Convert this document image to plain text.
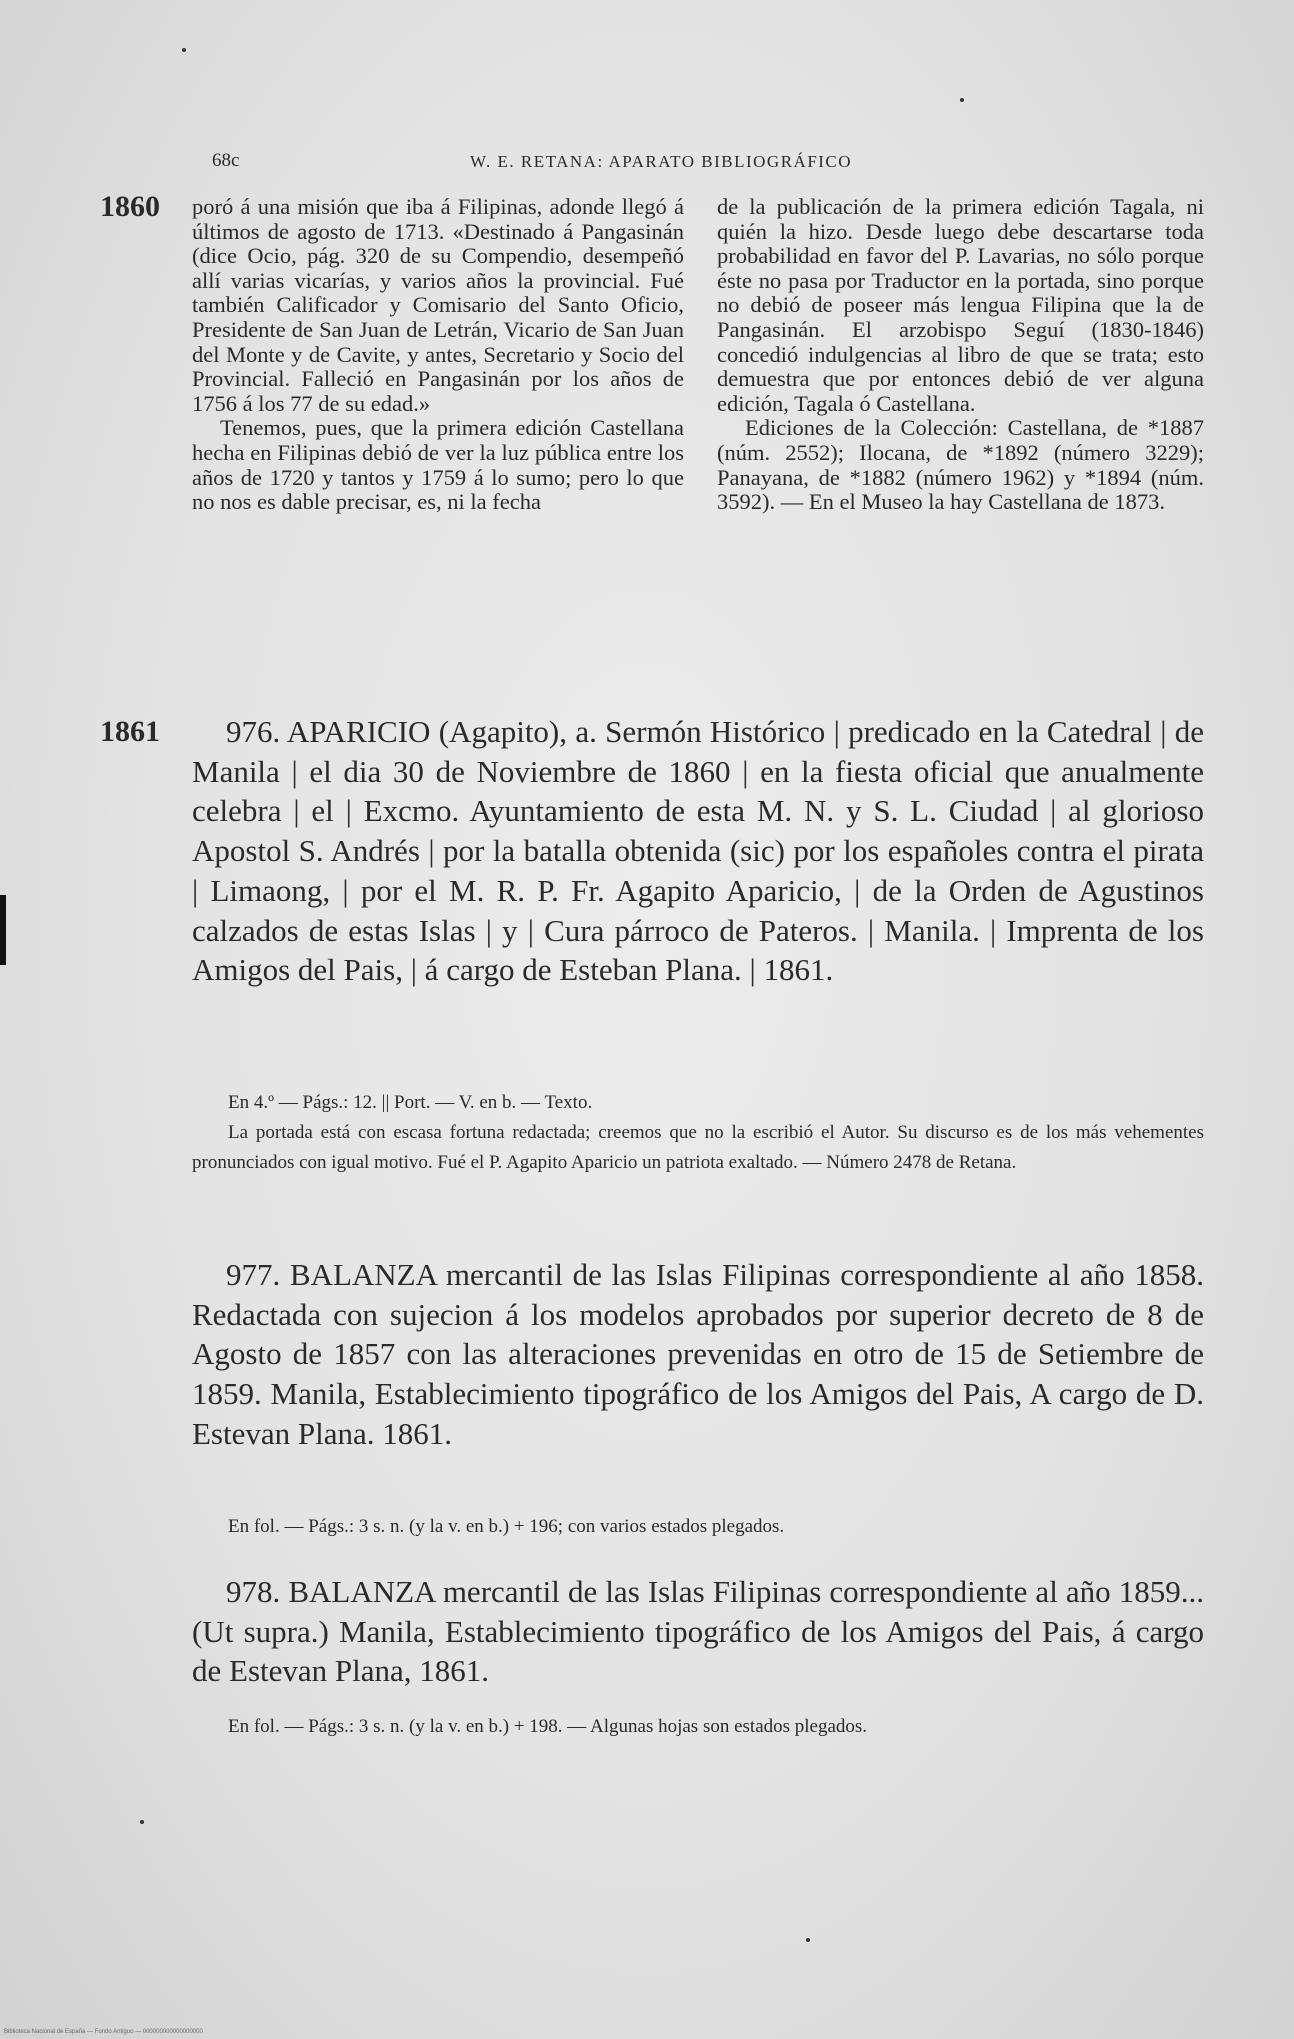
68c	W. E. RETANA: APARATO BIBLIOGRÁFICO
1860 poró á una misión que iba á Filipinas, adonde llegó á últimos de agosto de 1713. «Destinado á Pangasinán (dice Ocio, pág. 320 de su Compendio, desempeñó allí varias vicarías, y varios años la provincial. Fué también Calificador y Comisario del Santo Oficio, Presidente de San Juan de Letrán, Vicario de San Juan del Monte y de Cavite, y antes, Secretario y Socio del Provincial. Falleció en Pangasinán por los años de 1756 á los 77 de su edad.»

Tenemos, pues, que la primera edición Castellana hecha en Filipinas debió de ver la luz pública entre los años de 1720 y tantos y 1759 á lo sumo; pero lo que no nos es dable precisar, es, ni la fecha

de la publicación de la primera edición Tagala, ni quién la hizo. Desde luego debe descartarse toda probabilidad en favor del P. Lavarias, no sólo porque éste no pasa por Traductor en la portada, sino porque no debió de poseer más lengua Filipina que la de Pangasinán. El arzobispo Seguí (1830-1846) concedió indulgencias al libro de que se trata; esto demuestra que por entonces debió de ver alguna edición, Tagala ó Castellana.

Ediciones de la Colección: Castellana, de *1887 (núm. 2552); Ilocana, de *1892 (número 3229); Panayana, de *1882 (número 1962) y *1894 (núm. 3592). — En el Museo la hay Castellana de 1873.

1861	976. APARICIO (Agapito), a. Sermón Histórico | predicado en la Catedral | de Manila | el dia 30 de Noviembre de 1860 | en la fiesta oficial que anualmente celebra | el | Excmo. Ayuntamiento de esta M. N. y S. L. Ciudad | al glorioso Apostol S. Andrés | por la batalla obtenida (sic) por los españoles contra el pirata | Limaong, | por el M. R. P. Fr. Agapito Aparicio, | de la Orden de Agustinos calzados de estas Islas | y | Cura párroco de Pateros. | Manila. | Imprenta de los Amigos del Pais, | á cargo de Esteban Plana. | 1861.

En 4.º — Págs.: 12. || Port. — V. en b. — Texto.

La portada está con escasa fortuna redactada; creemos que no la escribió el Autor. Su discurso es de los más vehementes pronunciados con igual motivo. Fué el P. Agapito Aparicio un patriota exaltado. — Número 2478 de Retana.

977. BALANZA mercantil de las Islas Filipinas correspondiente al año 1858. Redactada con sujecion á los modelos aprobados por superior decreto de 8 de Agosto de 1857 con las alteraciones prevenidas en otro de 15 de Setiembre de 1859. Manila, Establecimiento tipográfico de los Amigos del Pais, A cargo de D. Estevan Plana. 1861.

En fol. — Págs.: 3 s. n. (y la v. en b.) + 196; con varios estados plegados.

978. BALANZA mercantil de las Islas Filipinas correspondiente al año 1859... (Ut supra.) Manila, Establecimiento tipográfico de los Amigos del Pais, á cargo de Estevan Plana, 1861.

En fol. — Págs.: 3 s. n. (y la v. en b.) + 198. — Algunas hojas son estados plegados.

Biblioteca Nacional de España — Fondo Antiguo — 000000000000000000
